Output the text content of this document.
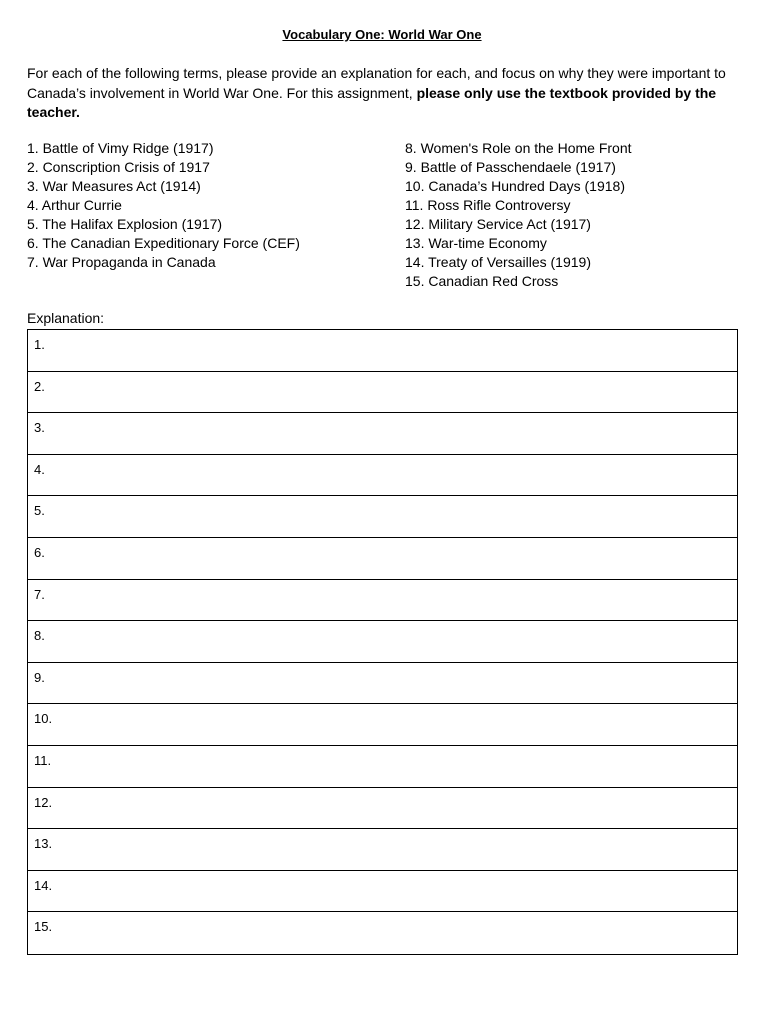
Vocabulary One: World War One

For each of the following terms, please provide an explanation for each, and focus on why they were important to Canada’s involvement in World War One. For this assignment, please only use the textbook provided by the teacher.

1. Battle of Vimy Ridge (1917)
2. Conscription Crisis of 1917
3. War Measures Act (1914)
4. Arthur Currie
5. The Halifax Explosion (1917)
6. The Canadian Expeditionary Force (CEF)
7. War Propaganda in Canada
8. Women's Role on the Home Front
9. Battle of Passchendaele (1917)
10. Canada’s Hundred Days (1918)
11. Ross Rifle Controversy
12. Military Service Act (1917)
13. War-time Economy
14. Treaty of Versailles (1919)
15. Canadian Red Cross
Explanation:
1.
2.
3.
4.
5.
6.
7.
8.
9.
10.
11.
12.
13.
14.
15.
